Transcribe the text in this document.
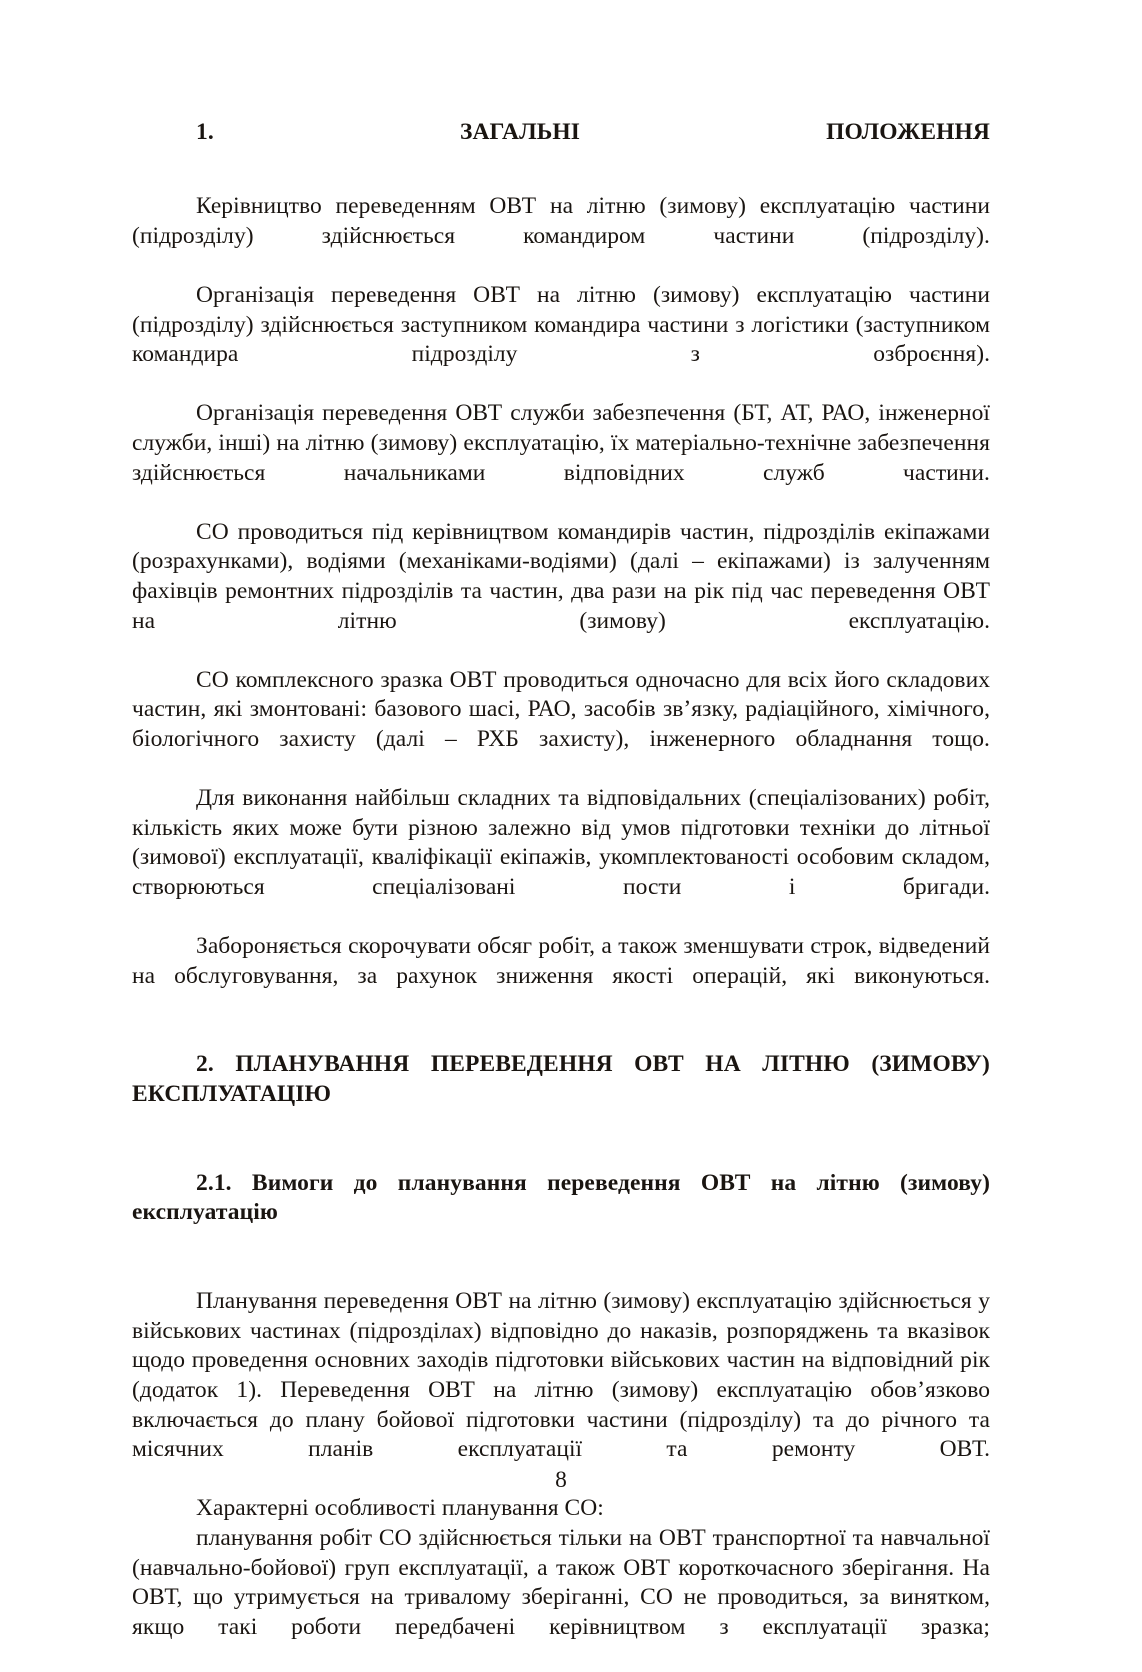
1. ЗАГАЛЬНІ ПОЛОЖЕННЯ

Керівництво переведенням ОВТ на літню (зимову) експлуатацію частини (підрозділу) здійснюється командиром частини (підрозділу).

Організація переведення ОВТ на літню (зимову) експлуатацію частини (підрозділу) здійснюється заступником командира частини з логістики (заступником командира підрозділу з озброєння).

Організація переведення ОВТ служби забезпечення (БТ, АТ, РАО, інженерної служби, інші) на літню (зимову) експлуатацію, їх матеріально-технічне забезпечення здійснюється начальниками відповідних служб частини.

СО проводиться під керівництвом командирів частин, підрозділів екіпажами (розрахунками), водіями (механіками-водіями) (далі – екіпажами) із залученням фахівців ремонтних підрозділів та частин, два рази на рік під час переведення ОВТ на літню (зимову) експлуатацію.

СО комплексного зразка ОВТ проводиться одночасно для всіх його складових частин, які змонтовані: базового шасі, РАО, засобів зв’язку, радіаційного, хімічного, біологічного захисту (далі – РХБ захисту), інженерного обладнання тощо.

Для виконання найбільш складних та відповідальних (спеціалізованих) робіт, кількість яких може бути різною залежно від умов підготовки техніки до літньої (зимової) експлуатації, кваліфікації екіпажів, укомплектованості особовим складом, створюються спеціалізовані пости і бригади.

Забороняється скорочувати обсяг робіт, а також зменшувати строк, відведений на обслуговування, за рахунок зниження якості операцій, які виконуються.

2. ПЛАНУВАННЯ ПЕРЕВЕДЕННЯ ОВТ НА ЛІТНЮ (ЗИМОВУ) ЕКСПЛУАТАЦІЮ
2.1. Вимоги до планування переведення ОВТ на літню (зимову) експлуатацію

Планування переведення ОВТ на літню (зимову) експлуатацію здійснюється у військових частинах (підрозділах) відповідно до наказів, розпоряджень та вказівок щодо проведення основних заходів підготовки військових частин на відповідний рік (додаток 1). Переведення ОВТ на літню (зимову) експлуатацію обов’язково включається до плану бойової підготовки частини (підрозділу) та до річного та місячних планів експлуатації та ремонту ОВТ.

Характерні особливості планування СО:

планування робіт СО здійснюється тільки на ОВТ транспортної та навчальної (навчально-бойової) груп експлуатації, а також ОВТ короткочасного зберігання. На ОВТ, що утримується на тривалому зберіганні, СО не проводиться, за винятком, якщо такі роботи передбачені керівництвом з експлуатації зразка;

8
